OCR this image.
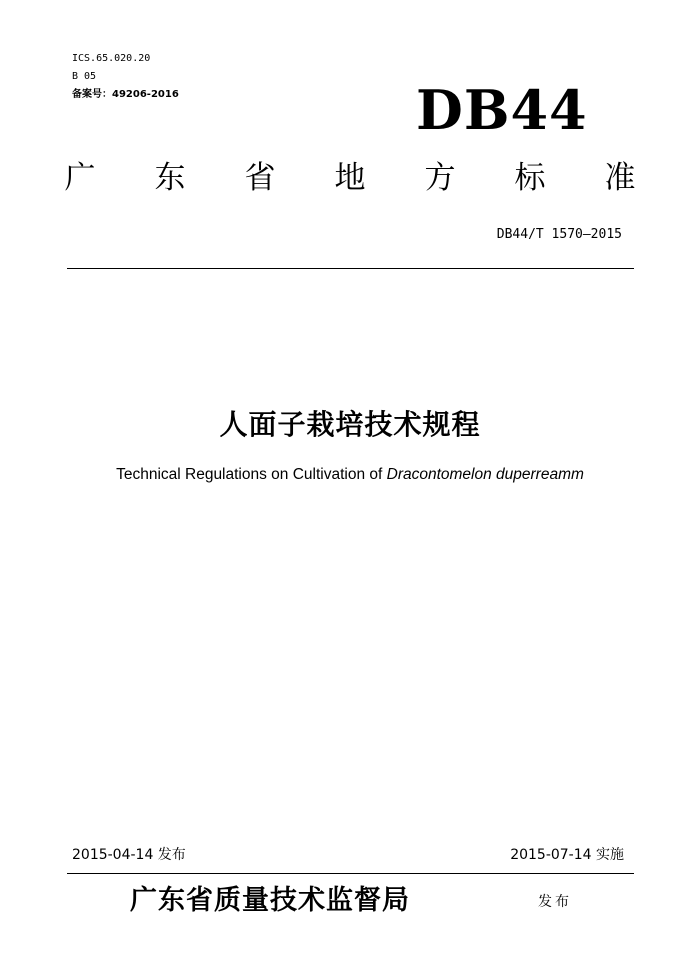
ICS.65.020.20
B 05
备案号：49206-2016	DB44
广 东 省 地 方 标 准
DB44/T 1570—2015
人面子栽培技术规程
Technical Regulations on Cultivation of Dracontomelon duperreamm
2015-04-14 发布	2015-07-14 实施
广东省质量技术监督局	发布
